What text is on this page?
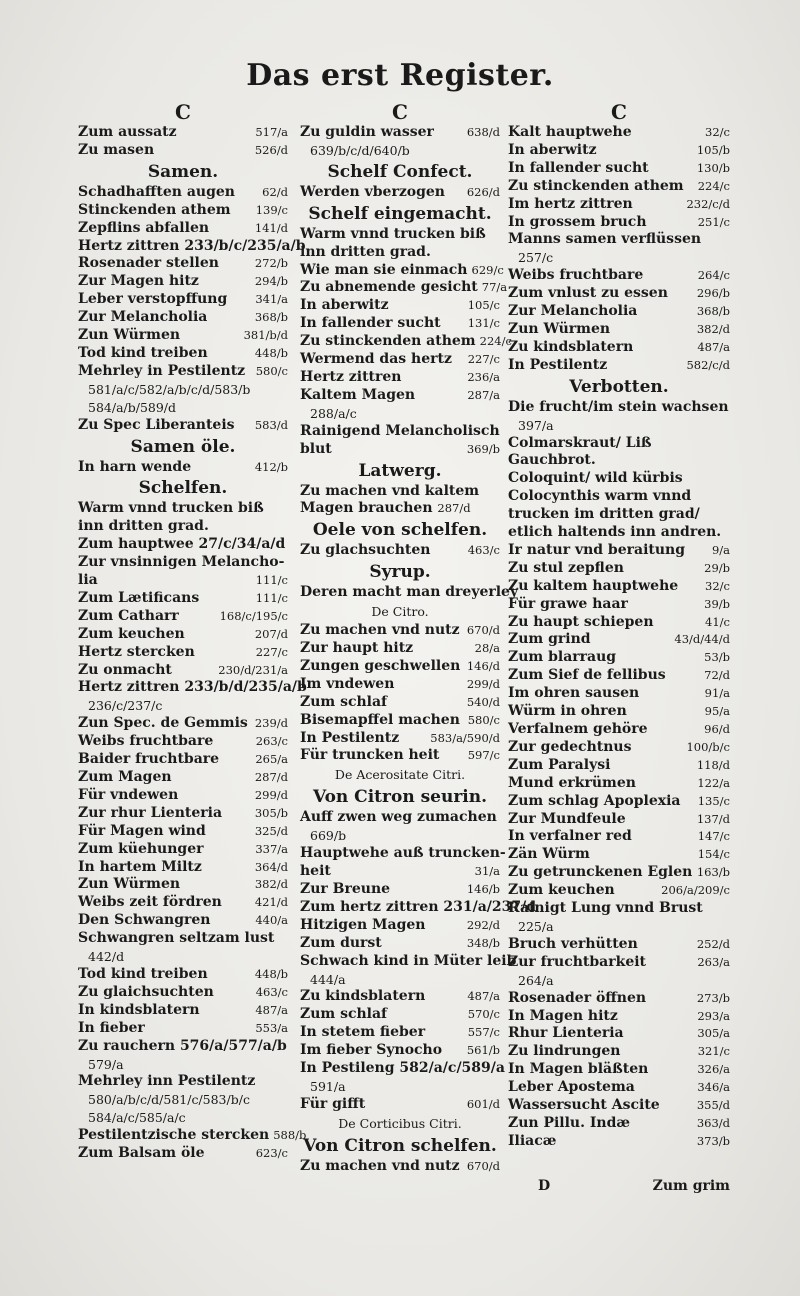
Das erst Register.
C
Zum aussatz	517/a
Zu masen	526/d
Samen.
Schadhafften augen	62/d
Stinckenden athem	139/c
Zepflins abfallen	141/d
Hertz zittren 233/b/c/235/a/b
Rosenader stellen	272/b
Zur Magen hitz	294/b
Leber verstopffung	341/a
Zur Melancholia	368/b
Zun Würmen	381/b/d
Tod kind treiben	448/b
Mehrley in Pestilentz 580/c
581/a/c/582/a/b/c/d/583/b
584/a/b/589/d
Zu Spec Liberanteis	583/d
Samen öle.
In harn wende	412/b
Schelfen.
Warm vnnd trucken biß inn dritten grad.
Zum hauptwee 27/c/34/a/d
Zur vnsinnigen Melancho-
lia	111/c
Zum Lætificans	111/c
Zum Catharr	168/c/195/c
Zum keuchen	207/d
Hertz stercken	227/c
Zu onmacht	230/d/231/a
Hertz zittren 233/b/d/235/a/b
236/c/237/c
Zun Spec. de Gemmis 239/d
Weibs fruchtbare	263/c
Baider fruchtbare	265/a
Zum Magen	287/d
Für vndewen	299/d
Zur rhur Lienteria	305/b
Für Magen wind	325/d
Zum küehunger	337/a
In hartem Miltz	364/d
Zun Würmen	382/d
Weibs zeit fördren	421/d
Den Schwangren	440/a
Schwangren seltzam lust
442/d
Tod kind treiben	448/b
Zu glaichsuchten	463/c
In kindsblatern	487/a
In fieber	553/a
Zu rauchern 576/a/577/a/b
579/a
Mehrley inn Pestilentz
580/a/b/c/d/581/c/583/b/c
584/a/c/585/a/c
Pestilentzische stercken 588/b
Zum Balsam öle	623/c
C
Zu guldin wasser	638/d
639/b/c/d/640/b
Schelf Confect.
Werden vberzogen	626/d
Schelf eingemacht.
Warm vnnd trucken biß inn dritten grad.
Wie man sie einmach 629/c
Zu abnemende gesicht 77/a
In aberwitz	105/c
In fallender sucht	131/c
Zu stinckenden athem 224/c
Wermend das hertz	227/c
Hertz zittren	236/a
Kaltem Magen	287/a
288/a/c
Rainigend Melancholisch
blut	369/b
Latwerg.
Zu machen vnd kaltem Magen brauchen 287/d
Oele von schelfen.
Zu glachsuchten	463/c
Syrup.
Deren macht man dreyerley
De Citro.
Zu machen vnd nutz 670/d
Zur haupt hitz	28/a
Zungen geschwellen 146/d
Im vndewen	299/d
Zum schlaf	540/d
Bisemapffel machen 580/c
In Pestilentz	583/a/590/d
Für truncken heit	597/c
De Acerositate Citri.
Von Citron seurin.
Auff zwen weg zumachen
669/b
Hauptwehe auß truncken-
heit	31/a
Zur Breune	146/b
Zum hertz zittren 231/a/237/d
Hitzigen Magen	292/d
Zum durst	348/b
Schwach kind in Müter leib
444/a
Zu kindsblatern	487/a
Zum schlaf	570/c
In stetem fieber	557/c
Im fieber Synocho	561/b
In Pestileng 582/a/c/589/a
591/a
Für gifft	601/d
De Corticibus Citri.
Von Citron schelfen.
Zu machen vnd nutz 670/d
C
Kalt hauptwehe	32/c
In aberwitz	105/b
In fallender sucht	130/b
Zu stinckenden athem	224/c
Im hertz zittren	232/c/d
In grossem bruch	251/c
Manns samen verflüssen
257/c
Weibs fruchtbare	264/c
Zum vnlust zu essen	296/b
Zur Melancholia	368/b
Zun Würmen	382/d
Zu kindsblatern	487/a
In Pestilentz	582/c/d
Verbotten.
Die frucht/im stein wachsen
397/a
Colmarskraut/ Liß Gauchbrot.
Coloquint/ wild kürbis Colocynthis warm vnnd trucken im dritten grad/ etlich haltends inn andren.
Ir natur vnd beraitung	9/a
Zu stul zepflen	29/b
Zu kaltem hauptwehe	32/c
Für grawe haar	39/b
Zu haupt schiepen	41/c
Zum grind	43/d/44/d
Zum blarraug	53/b
Zum Sief de fellibus	72/d
Im ohren sausen	91/a
Würm in ohren	95/a
Verfalnem gehöre	96/d
Zur gedechtnus	100/b/c
Zum Paralysi	118/d
Mund erkrümen	122/a
Zum schlag Apoplexia	135/c
Zur Mundfeule	137/d
In verfalner red	147/c
Zän Würm	154/c
Zu getrunckenen Eglen 163/b
Zum keuchen	206/a/209/c
Rainigt Lung vnnd Brust
225/a
Bruch verhütten	252/d
Zur fruchtbarkeit	263/a
264/a
Rosenader öffnen	273/b
In Magen hitz	293/a
Rhur Lienteria	305/a
Zu lindrungen	321/c
In Magen bläßten	326/a
Leber Apostema	346/a
Wassersucht Ascite	355/d
Zun Pillu. Indæ	363/d
Iliacæ	373/b
D	Zum grim
